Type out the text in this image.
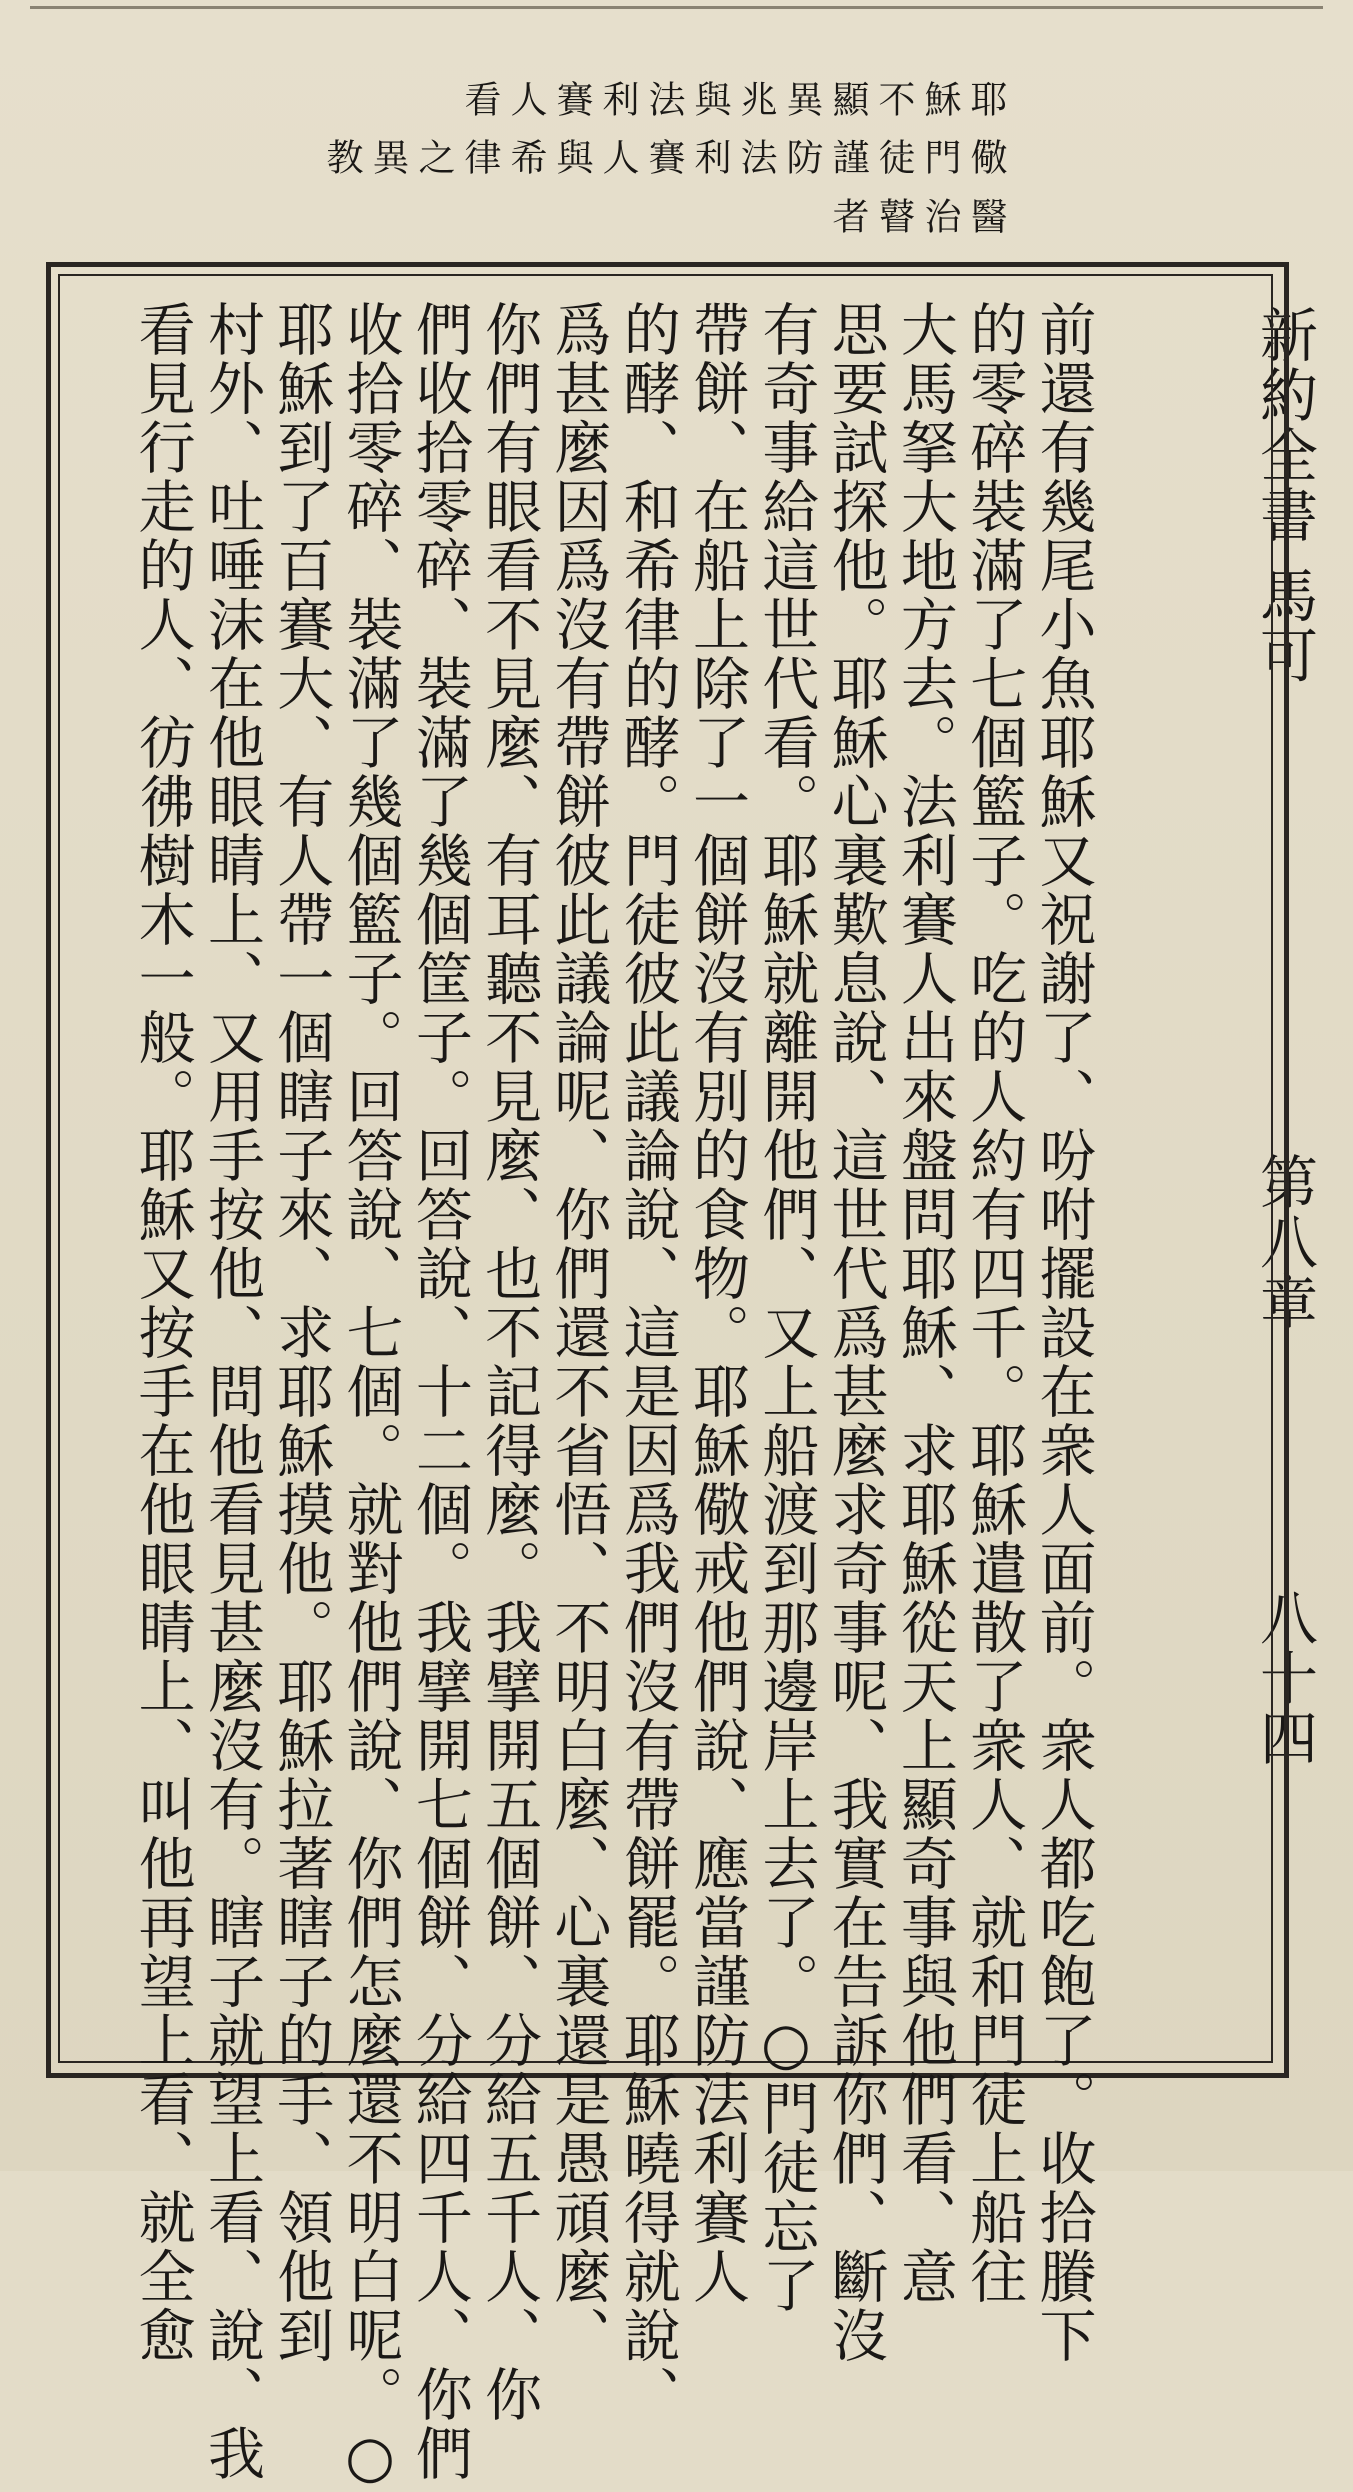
新約全書 馬可
第八章
八十四
耶穌不顯
異兆與法
利賽人看
儆門徒謹
防法利賽
人與希律
之異教
醫治瞽者
前還有幾尾小魚耶穌又祝謝了、吩咐擺設在衆人面前。衆人都吃飽了。收拾賸下
的零碎裝滿了七個籃子。吃的人約有四千。耶穌遣散了衆人、就和門徒上船往
大馬拏大地方去。法利賽人出來盤問耶穌、求耶穌從天上顯奇事與他們看、意
思要試探他。耶穌心裏歎息說、這世代爲甚麼求奇事呢、我實在告訴你們、斷沒
有奇事給這世代看。耶穌就離開他們、又上船渡到那邊岸上去了。○門徒忘了
帶餅、在船上除了一個餅沒有別的食物。耶穌儆戒他們說、應當謹防法利賽人
的酵、和希律的酵。門徒彼此議論說、這是因爲我們沒有帶餅罷。耶穌曉得就說、
爲甚麼因爲沒有帶餅彼此議論呢、你們還不省悟、不明白麼、心裏還是愚頑麼、
你們有眼看不見麼、有耳聽不見麼、也不記得麼。我擘開五個餅、分給五千人、你
們收拾零碎、裝滿了幾個筐子。回答說、十二個。我擘開七個餅、分給四千人、你們
收拾零碎、裝滿了幾個籃子。回答說、七個。就對他們說、你們怎麼還不明白呢。○
耶穌到了百賽大、有人帶一個瞎子來、求耶穌摸他。耶穌拉著瞎子的手、領他到
村外、吐唾沫在他眼睛上、又用手按他、問他看見甚麼沒有。瞎子就望上看、說、我
看見行走的人、彷彿樹木一般。耶穌又按手在他眼睛上、叫他再望上看、就全愈
